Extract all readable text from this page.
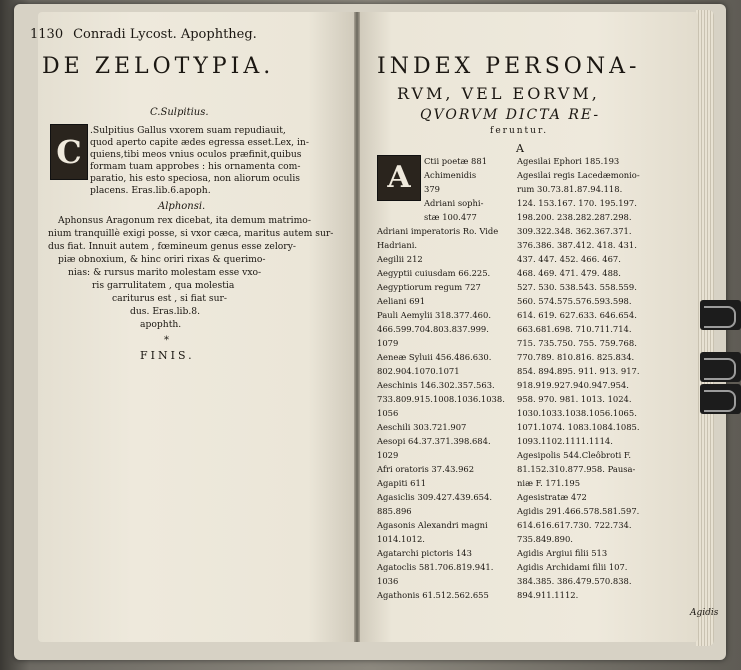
1130 Conradi Lycost. Apophtheg.
DE ZELOTYPIA.
C.Sulpitius.
C
.Sulpitius Gallus vxorem suam repudiauit,
quod aperto capite ædes egressa esset.Lex, in-
quiens,tibi meos vnius oculos præfinit,quibus
formam tuam approbes : his ornamenta com-
paratio, his esto speciosa, non aliorum oculis
placens. Eras.lib.6.apoph.
Alphonsi.
Aphonsus Aragonum rex dicebat, ita demum matrimo-
nium tranquillè exigi posse, si vxor cæca, maritus autem sur-
dus fiat. Innuit autem , fœmineum genus esse zelory-
piæ obnoxium, & hinc oriri rixas & querimo-
nias: & rursus marito molestam esse vxo-
ris garrulitatem , qua molestia
cariturus est , si fiat sur-
dus. Eras.lib.8.
apophth.
*
FINIS.
INDEX PERSONA-
RVM, VEL EORVM,
QVORVM DICTA RE-
feruntur.
A
A	Ctii poetæ 881
Achimenidis
379
Adriani sophi-
stæ 100.477
Adriani imperatoris Ro. Vide
Hadriani.
Aegilii 212
Aegyptii cuiusdam 66.225.
Aegyptiorum regum 727
Aeliani 691
Pauli Aemylii 318.377.460.
466.599.704.803.837.999.
1079
Aeneæ Syluii 456.486.630.
802.904.1070.1071
Aeschinis 146.302.357.563.
733.809.915.1008.1036.1038.
1056
Aeschili 303.721.907
Aesopi 64.37.371.398.684.
1029
Afri oratoris 37.43.962
Agapiti 611
Agasiclis 309.427.439.654.
885.896
Agasonis Alexandri magni
1014.1012.
Agatarchi pictoris 143
Agatoclis 581.706.819.941.
1036
Agathonis 61.512.562.655
Agesilai Ephori 185.193
Agesilai regis Lacedæmonio-
rum 30.73.81.87.94.118.
124. 153.167. 170. 195.197.
198.200. 238.282.287.298.
309.322.348. 362.367.371.
376.386. 387.412. 418. 431.
437. 447. 452. 466. 467.
468. 469. 471. 479. 488.
527. 530. 538.543. 558.559.
560. 574.575.576.593.598.
614. 619. 627.633. 646.654.
663.681.698. 710.711.714.
715. 735.750. 755. 759.768.
770.789. 810.816. 825.834.
854. 894.895. 911. 913. 917.
918.919.927.940.947.954.
958. 970. 981. 1013. 1024.
1030.1033.1038.1056.1065.
1071.1074. 1083.1084.1085.
1093.1102.1111.1114.
Agesipolis 544.Cleôbroti F.
81.152.310.877.958. Pausa-
niæ F. 171.195
Agesistratæ 472
Agidis 291.466.578.581.597.
614.616.617.730. 722.734.
735.849.890.
Agidis Argiui filii 513
Agidis Archidami filii 107.
384.385. 386.479.570.838.
894.911.1112.
Agidis
